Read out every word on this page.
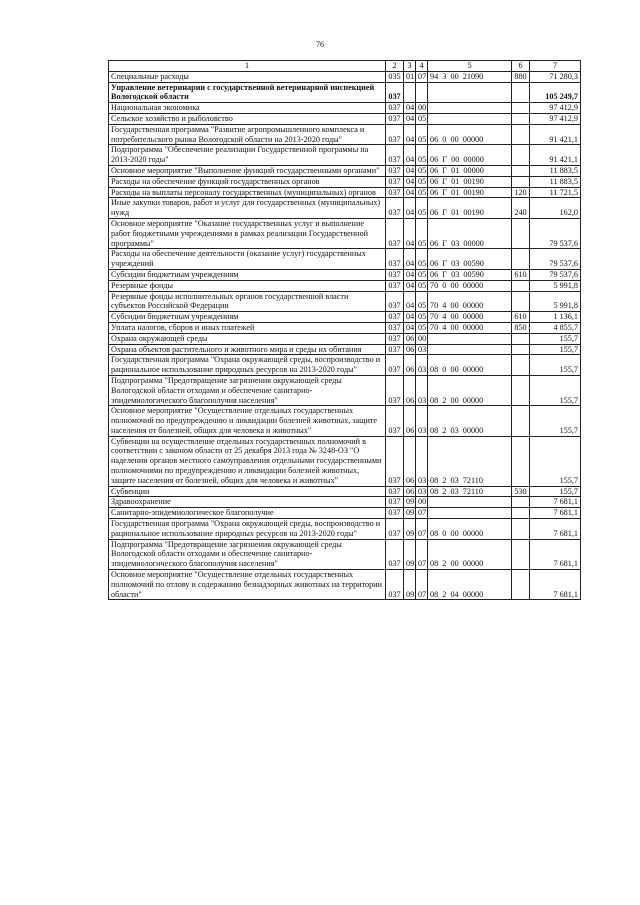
76
1	2	3	4	5	6	7
Специальные расходы	035	01	07	94  3  00  21090	880	71 280,3
Управление ветеринарии с государственной ветеринарной инспекцией Вологодской области	037					105 249,7
Национальная экономика	037	04	00			97 412,9
Сельское хозяйство и рыболовство	037	04	05			97 412,9
Государственная программа "Развитие агропромышленного комплекса и потребительского рынка Вологодской области на 2013-2020 годы"	037	04	05	06  0  00  00000		91 421,1
Подпрограмма "Обеспечение реализации Государственной программы на 2013-2020 годы"	037	04	05	06  Г  00  00000		91 421,1
Основное мероприятие "Выполнение функций государственными органами"	037	04	05	06  Г  01  00000		11 883,5
Расходы на обеспечение функций государственных органов	037	04	05	06  Г  01  00190		11 883,5
Расходы на выплаты персоналу государственных (муниципальных) органов	037	04	05	06  Г  01  00190	120	11 721,5
Иные закупки товаров, работ и услуг для государственных (муниципальных) нужд	037	04	05	06  Г  01  00190	240	162,0
Основное мероприятие "Оказание государственных услуг и выполнение работ бюджетными учреждениями в рамках реализации Государственной программы"	037	04	05	06  Г  03  00000		79 537,6
Расходы на обеспечение деятельности (оказание услуг) государственных учреждений	037	04	05	06  Г  03  00590		79 537,6
Субсидии бюджетным учреждениям	037	04	05	06  Г  03  00590	610	79 537,6
Резервные фонды	037	04	05	70  0  00  00000		5 991,8
Резервные фонды исполнительных органов государственной власти субъектов Российской Федерации	037	04	05	70  4  00  00000		5 991,8
Субсидии бюджетным учреждениям	037	04	05	70  4  00  00000	610	1 136,1
Уплата налогов, сборов и иных платежей	037	04	05	70  4  00  00000	850	4 855,7
Охрана окружающей среды	037	06	00			155,7
Охрана объектов растительного и животного мира и среды их обитания	037	06	03			155,7
Государственная программа "Охрана окружающей среды, воспроизводство и рациональное использование природных ресурсов на 2013-2020 годы"	037	06	03	08  0  00  00000		155,7
Подпрограмма "Предотвращение загрязнения окружающей среды Вологодской области отходами и обеспечение санитарно-эпидемиологического благополучия населения"	037	06	03	08  2  00  00000		155,7
Основное мероприятие "Осуществление отдельных государственных полномочий по предупреждению и ликвидации болезней животных, защите населения от болезней, общих для человека и животных"	037	06	03	08  2  03  00000		155,7
Субвенции на осуществление отдельных государственных полномочий в соответствии с законом области от 25 декабря 2013 года № 3248-ОЗ "О наделении органов местного самоуправления отдельными государственными полномочиями по предупреждению и ликвидации болезней животных, защите населения от болезней, общих для человека и животных"	037	06	03	08  2  03  72110		155,7
Субвенции	037	06	03	08  2  03  72110	530	155,7
Здравоохранение	037	09	00			7 681,1
Санитарно-эпидемиологическое благополучие	037	09	07			7 681,1
Государственная программа "Охрана окружающей среды, воспроизводство и рациональное использование природных ресурсов на 2013-2020 годы"	037	09	07	08  0  00  00000		7 681,1
Подпрограмма "Предотвращение загрязнения окружающей среды Вологодской области отходами и обеспечение санитарно-эпидемиологического благополучия населения"	037	09	07	08  2  00  00000		7 681,1
Основное мероприятие "Осуществление отдельных государственных полномочий по отлову и содержанию безнадзорных животных на территории области"	037	09	07	08  2  04  00000		7 681,1
